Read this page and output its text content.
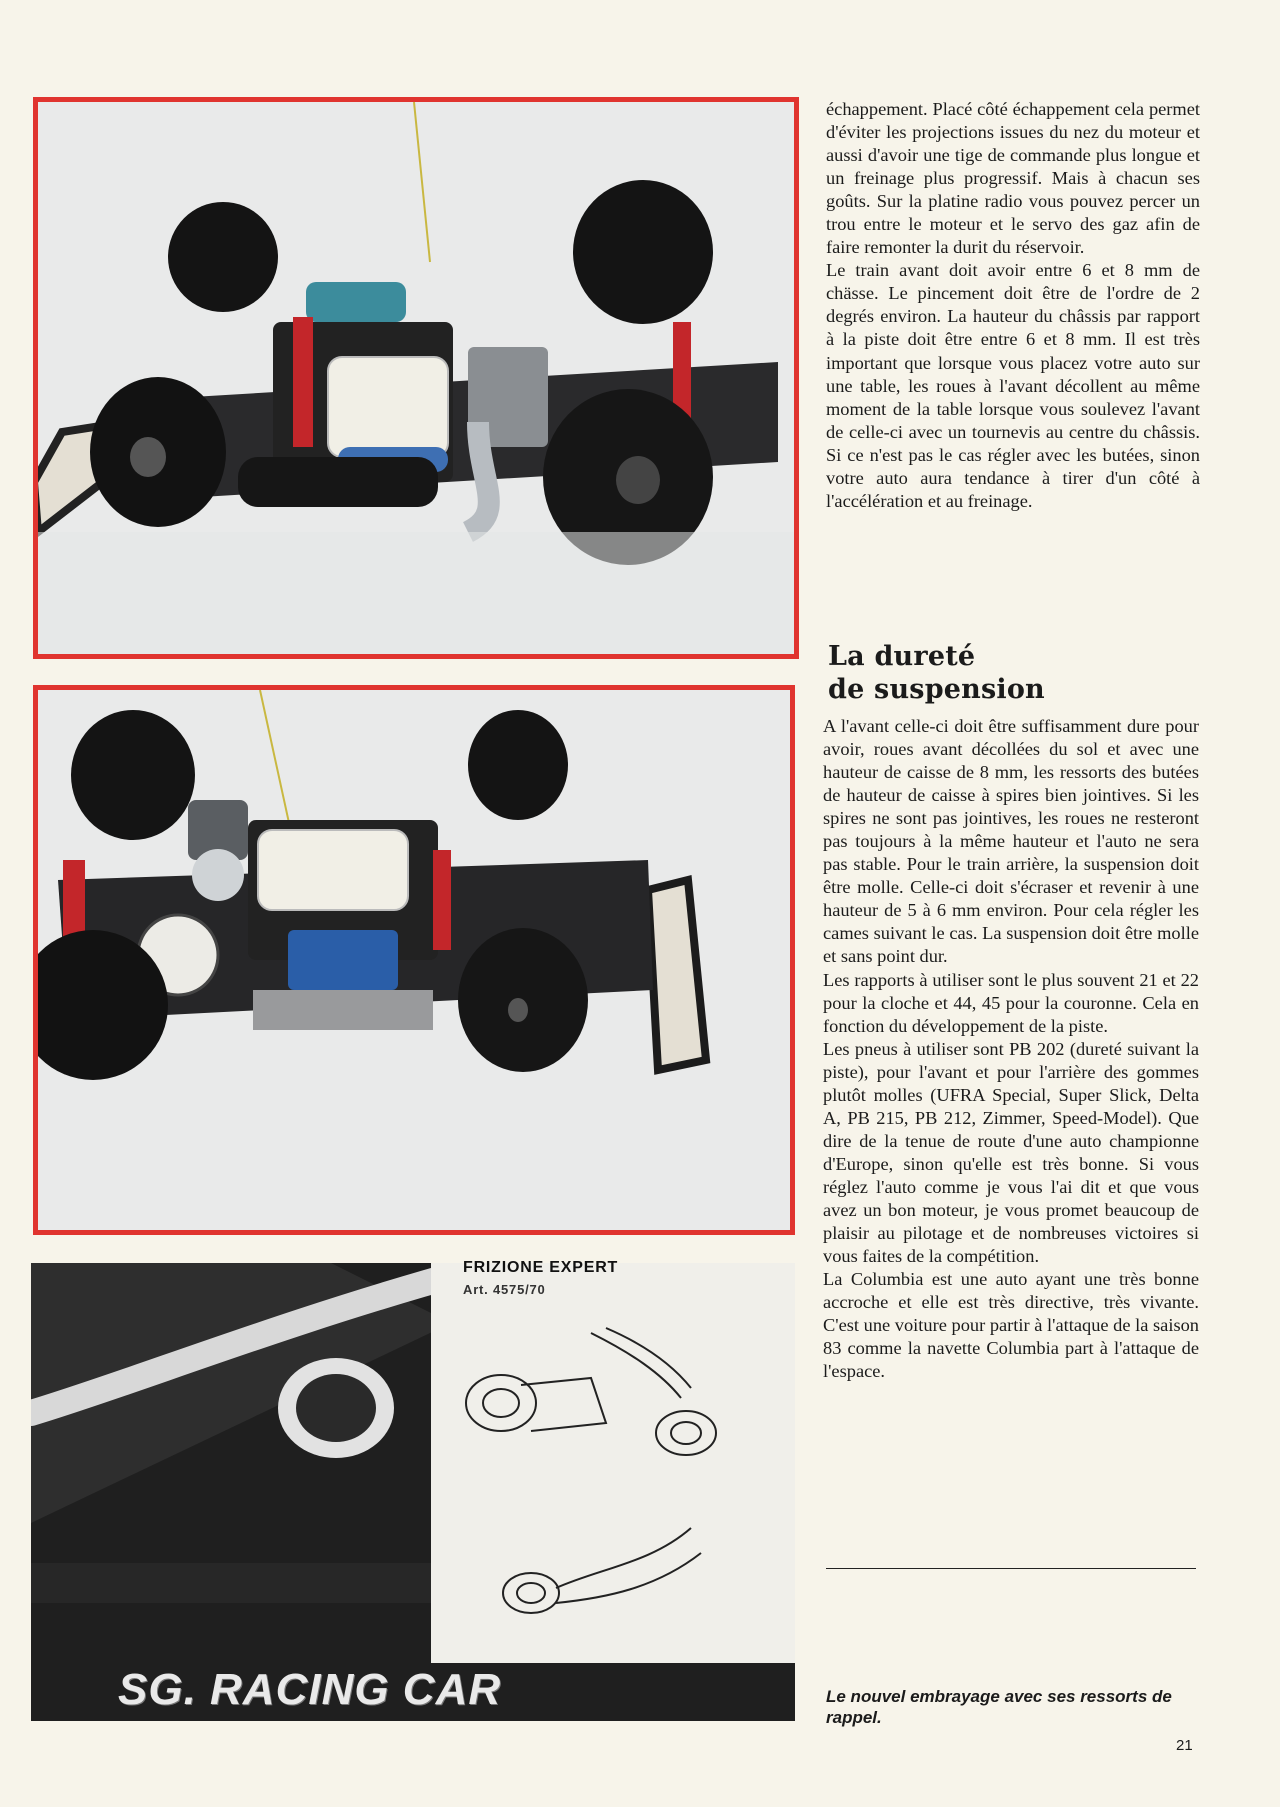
FRIZIONE EXPERT
Art. 4575/70
SG. RACING CAR

échappement. Placé côté échappement cela permet d'éviter les projections issues du nez du moteur et aussi d'avoir une tige de commande plus longue et un freinage plus progressif. Mais à chacun ses goûts. Sur la platine radio vous pouvez percer un trou entre le moteur et le servo des gaz afin de faire remonter la durit du réservoir.

Le train avant doit avoir entre 6 et 8 mm de chässe. Le pincement doit être de l'ordre de 2 degrés environ. La hauteur du châssis par rapport à la piste doit être entre 6 et 8 mm. Il est très important que lorsque vous placez votre auto sur une table, les roues à l'avant décollent au même moment de la table lorsque vous soulevez l'avant de celle-ci avec un tournevis au centre du châssis. Si ce n'est pas le cas régler avec les butées, sinon votre auto aura tendance à tirer d'un côté à l'accélération et au freinage.

La dureté
de suspension

A l'avant celle-ci doit être suffisamment dure pour avoir, roues avant décollées du sol et avec une hauteur de caisse de 8 mm, les ressorts des butées de hauteur de caisse à spires bien jointives. Si les spires ne sont pas jointives, les roues ne resteront pas toujours à la même hauteur et l'auto ne sera pas stable. Pour le train arrière, la suspension doit être molle. Celle-ci doit s'écraser et revenir à une hauteur de 5 à 6 mm environ. Pour cela régler les cames suivant le cas. La suspension doit être molle et sans point dur.

Les rapports à utiliser sont le plus souvent 21 et 22 pour la cloche et 44, 45 pour la couronne. Cela en fonction du développement de la piste.

Les pneus à utiliser sont PB 202 (dureté suivant la piste), pour l'avant et pour l'arrière des gommes plutôt molles (UFRA Special, Super Slick, Delta A, PB 215, PB 212, Zimmer, Speed-Model). Que dire de la tenue de route d'une auto championne d'Europe, sinon qu'elle est très bonne. Si vous réglez l'auto comme je vous l'ai dit et que vous avez un bon moteur, je vous promet beaucoup de plaisir au pilotage et de nombreuses victoires si vous faites de la compétition.

La Columbia est une auto ayant une très bonne accroche et elle est très directive, très vivante. C'est une voiture pour partir à l'attaque de la saison 83 comme la navette Columbia part à l'attaque de l'espace.

Le nouvel embrayage avec ses ressorts de rappel.
21
